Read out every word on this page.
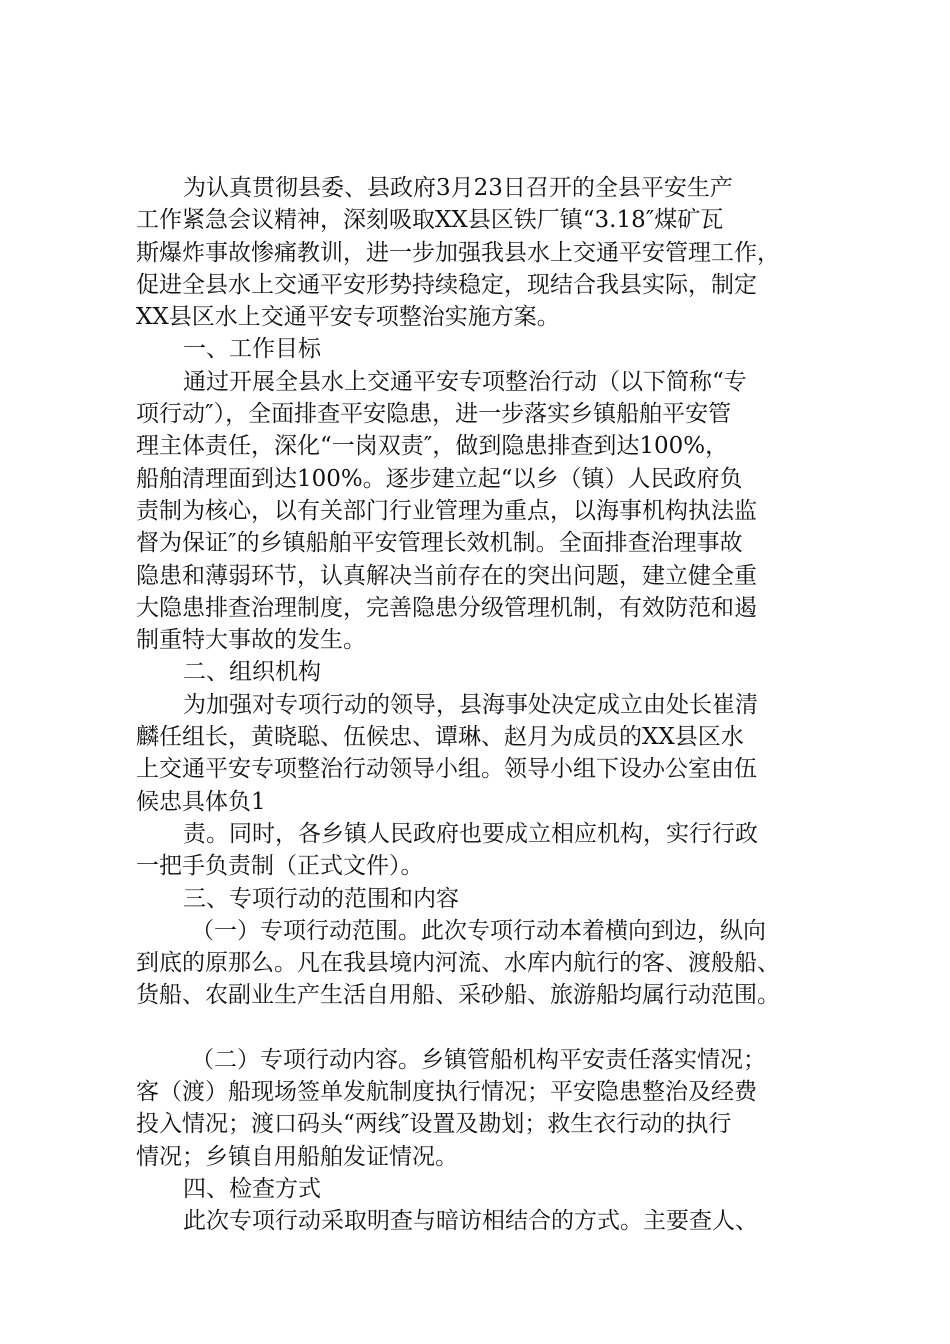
为认真贯彻县委、县政府3月23日召开的全县平安生产
工作紧急会议精神，深刻吸取XX县区铁厂镇“3.18″煤矿瓦
斯爆炸事故惨痛教训，进一步加强我县水上交通平安管理工作，
促进全县水上交通平安形势持续稳定，现结合我县实际，制定
XX县区水上交通平安专项整治实施方案。
一、工作目标
通过开展全县水上交通平安专项整治行动（以下简称“专
项行动″），全面排查平安隐患，进一步落实乡镇船舶平安管
理主体责任，深化“一岗双责″，做到隐患排查到达100%，
船舶清理面到达100%。逐步建立起“以乡（镇）人民政府负
责制为核心，以有关部门行业管理为重点，以海事机构执法监
督为保证″的乡镇船舶平安管理长效机制。全面排查治理事故
隐患和薄弱环节，认真解决当前存在的突出问题，建立健全重
大隐患排查治理制度，完善隐患分级管理机制，有效防范和遏
制重特大事故的发生。
二、组织机构
为加强对专项行动的领导，县海事处决定成立由处长崔清
麟任组长，黄晓聪、伍候忠、谭琳、赵月为成员的XX县区水
上交通平安专项整治行动领导小组。领导小组下设办公室由伍
候忠具体负1
责。同时，各乡镇人民政府也要成立相应机构，实行行政
一把手负责制（正式文件）。
三、专项行动的范围和内容
（一）专项行动范围。此次专项行动本着横向到边，纵向
到底的原那么。凡在我县境内河流、水库内航行的客、渡般船、
货船、农副业生产生活自用船、采砂船、旅游船均属行动范围。
（二）专项行动内容。乡镇管船机构平安责任落实情况；
客（渡）船现场签单发航制度执行情况；平安隐患整治及经费
投入情况；渡口码头“两线″设置及勘划；救生衣行动的执行
情况；乡镇自用船舶发证情况。
四、检查方式
此次专项行动采取明查与暗访相结合的方式。主要查人、
